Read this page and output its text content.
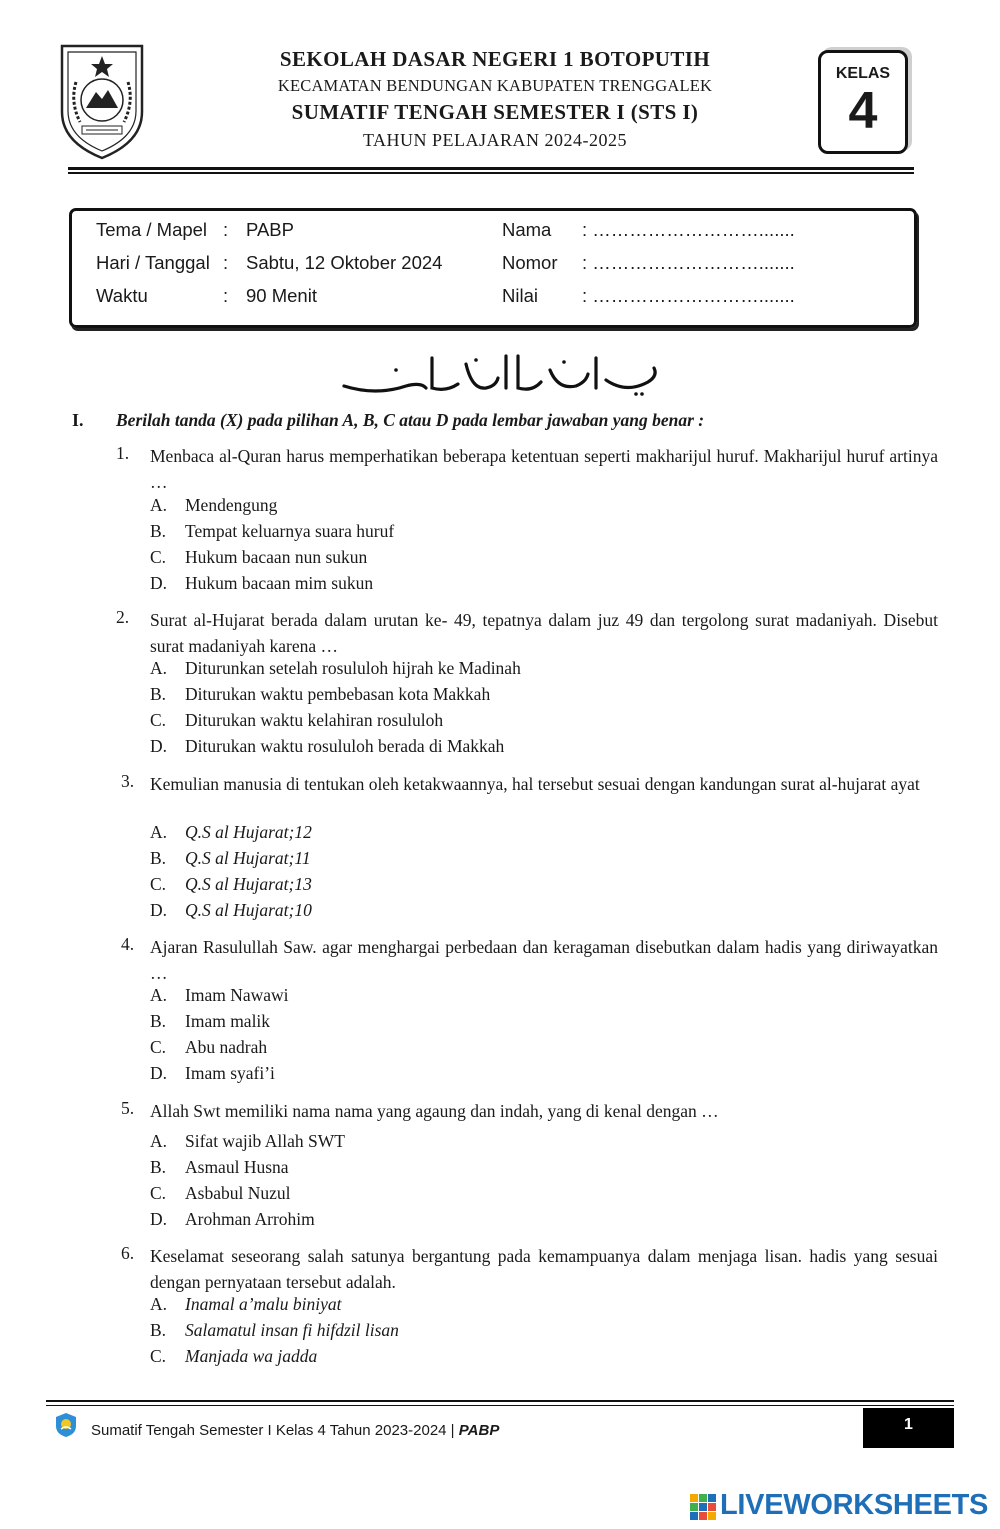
SEKOLAH DASAR NEGERI 1 BOTOPUTIH
KECAMATAN BENDUNGAN KABUPATEN TRENGGALEK
SUMATIF TENGAH SEMESTER I (STS I)
TAHUN PELAJARAN 2024-2025
KELAS
4
Tema / Mapel : PABP
Hari / Tanggal : Sabtu, 12 Oktober 2024
Waktu	: 90 Menit
Nama : ……………………….......
Nomor : ……………………….......
Nilai : ……………………….......
I. Berilah tanda (X) pada pilihan A, B, C atau D pada lembar jawaban yang benar :
1. Menbaca al-Quran harus memperhatikan beberapa ketentuan seperti makharijul huruf. Makharijul huruf artinya …
A. Mendengung
B. Tempat keluarnya suara huruf
C. Hukum bacaan nun sukun
D. Hukum bacaan mim sukun
2. Surat al-Hujarat berada dalam urutan ke- 49, tepatnya dalam juz 49 dan tergolong surat madaniyah. Disebut surat madaniyah karena …
A. Diturunkan setelah rosululoh hijrah ke Madinah
B. Diturukan waktu pembebasan kota Makkah
C. Diturukan waktu kelahiran rosululoh
D. Diturukan waktu rosululoh berada di Makkah
3. Kemulian manusia di tentukan oleh ketakwaannya, hal tersebut sesuai dengan kandungan surat al-hujarat ayat
A. Q.S al Hujarat;12
B. Q.S al Hujarat;11
C. Q.S al Hujarat;13
D. Q.S al Hujarat;10
4. Ajaran Rasulullah Saw. agar menghargai perbedaan dan keragaman disebutkan dalam hadis yang diriwayatkan …
A. Imam Nawawi
B. Imam malik
C. Abu nadrah
D. Imam syafi’i
5. Allah Swt memiliki nama nama yang agaung dan indah, yang di kenal dengan …
A. Sifat wajib Allah SWT
B. Asmaul Husna
C. Asbabul Nuzul
D. Arohman Arrohim
6. Keselamat seseorang salah satunya bergantung pada kemampuanya dalam menjaga lisan. hadis yang sesuai dengan pernyataan tersebut adalah.
A. Inamal a’malu biniyat
B. Salamatul insan fi hifdzil lisan
C. Manjada wa jadda
Sumatif Tengah Semester I Kelas 4 Tahun 2023-2024 | PABP	1
LIVEWORKSHEETS
